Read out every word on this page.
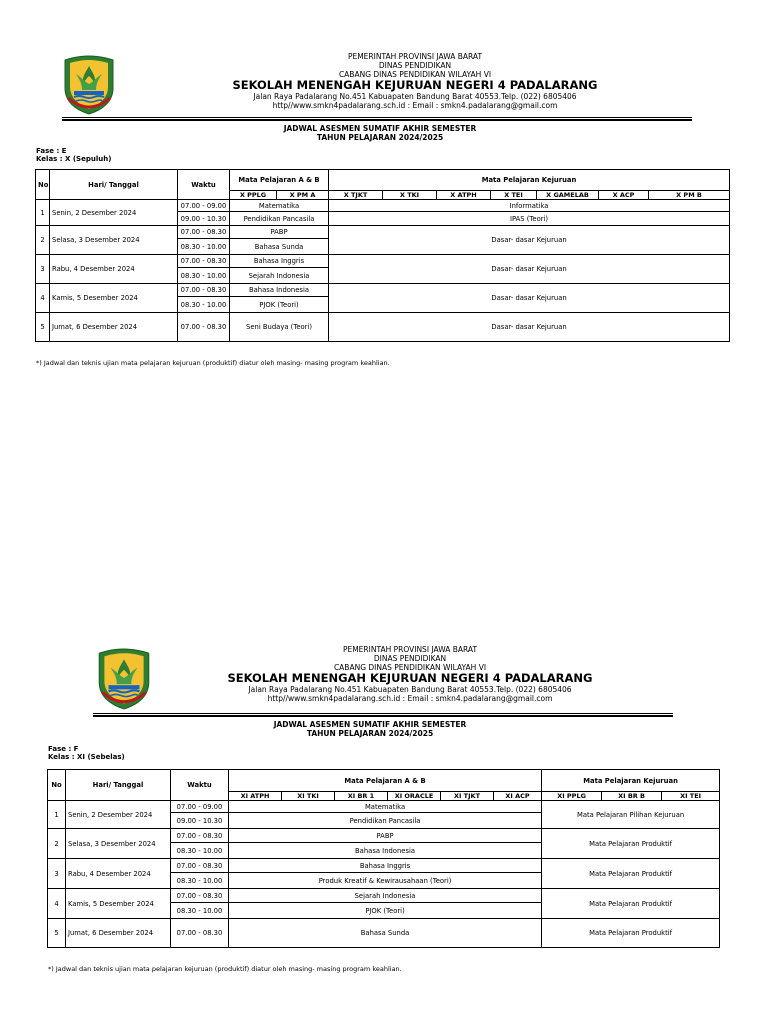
PEMERINTAH PROVINSI JAWA BARAT
DINAS PENDIDIKAN
CABANG DINAS PENDIDIKAN WILAYAH VI
SEKOLAH MENENGAH KEJURUAN NEGERI 4 PADALARANG
Jalan Raya Padalarang No.451 Kabuapaten Bandung Barat 40553.Telp. (022) 6805406
http//www.smkn4padalarang.sch.id : Email : smkn4.padalarang@gmail.com
JADWAL ASESMEN SUMATIF AKHIR SEMESTER
TAHUN PELAJARAN 2024/2025
Fase : E
Kelas : X (Sepuluh)
No	Hari/ Tanggal	Waktu	Mata Pelajaran A & B		Mata Pelajaran Kejuruan						
			X PPLG	X PM A	X TJKT	X TKI	X ATPH	X TEI	X GAMELAB	X ACP	X PM B
1	Senin, 2 Desember 2024	07.00 - 09.00	Matematika		Informatika						
		09.00 - 10.30	Pendidikan Pancasila		IPAS (Teori)						
2	Selasa, 3 Desember 2024	07.00 - 08.30	PABP		Dasar- dasar Kejuruan						
		08.30 - 10.00	Bahasa Sunda								
3	Rabu, 4 Desember 2024	07.00 - 08.30	Bahasa Inggris		Dasar- dasar Kejuruan						
		08.30 - 10.00	Sejarah Indonesia								
4	Kamis, 5 Desember 2024	07.00 - 08.30	Bahasa Indonesia		Dasar- dasar Kejuruan						
		08.30 - 10.00	PJOK (Teori)								
5	Jumat, 6 Desember 2024	07.00 - 08.30	Seni Budaya (Teori)		Dasar- dasar Kejuruan						
*) Jadwal dan teknis ujian mata pelajaran kejuruan (produktif) diatur oleh masing- masing program keahlian.
PEMERINTAH PROVINSI JAWA BARAT
DINAS PENDIDIKAN
CABANG DINAS PENDIDIKAN WILAYAH VI
SEKOLAH MENENGAH KEJURUAN NEGERI 4 PADALARANG
Jalan Raya Padalarang No.451 Kabuapaten Bandung Barat 40553.Telp. (022) 6805406
http//www.smkn4padalarang.sch.id : Email : smkn4.padalarang@gmail.com
JADWAL ASESMEN SUMATIF AKHIR SEMESTER
TAHUN PELAJARAN 2024/2025
Fase : F
Kelas : XI (Sebelas)
No	Hari/ Tanggal	Waktu	Mata Pelajaran A & B						Mata Pelajaran Kejuruan		
			XI ATPH	XI TKI	XI BR 1	XI ORACLE	XI TJKT	XI ACP	XI PPLG	XI BR B	XI TEI
1	Senin, 2 Desember 2024	07.00 - 09.00	Matematika						Mata Pelajaran Pilihan Kejuruan		
		09.00 - 10.30	Pendidikan Pancasila								
2	Selasa, 3 Desember 2024	07.00 - 08.30	PABP						Mata Pelajaran Produktif		
		08.30 - 10.00	Bahasa Indonesia								
3	Rabu, 4 Desember 2024	07.00 - 08.30	Bahasa Inggris						Mata Pelajaran Produktif		
		08.30 - 10.00	Produk Kreatif & Kewirausahaan (Teori)								
4	Kamis, 5 Desember 2024	07.00 - 08.30	Sejarah Indonesia						Mata Pelajaran Produktif		
		08.30 - 10.00	PJOK (Teori)								
5	Jumat, 6 Desember 2024	07.00 - 08.30	Bahasa Sunda						Mata Pelajaran Produktif		
*) Jadwal dan teknis ujian mata pelajaran kejuruan (produktif) diatur oleh masing- masing program keahlian.
